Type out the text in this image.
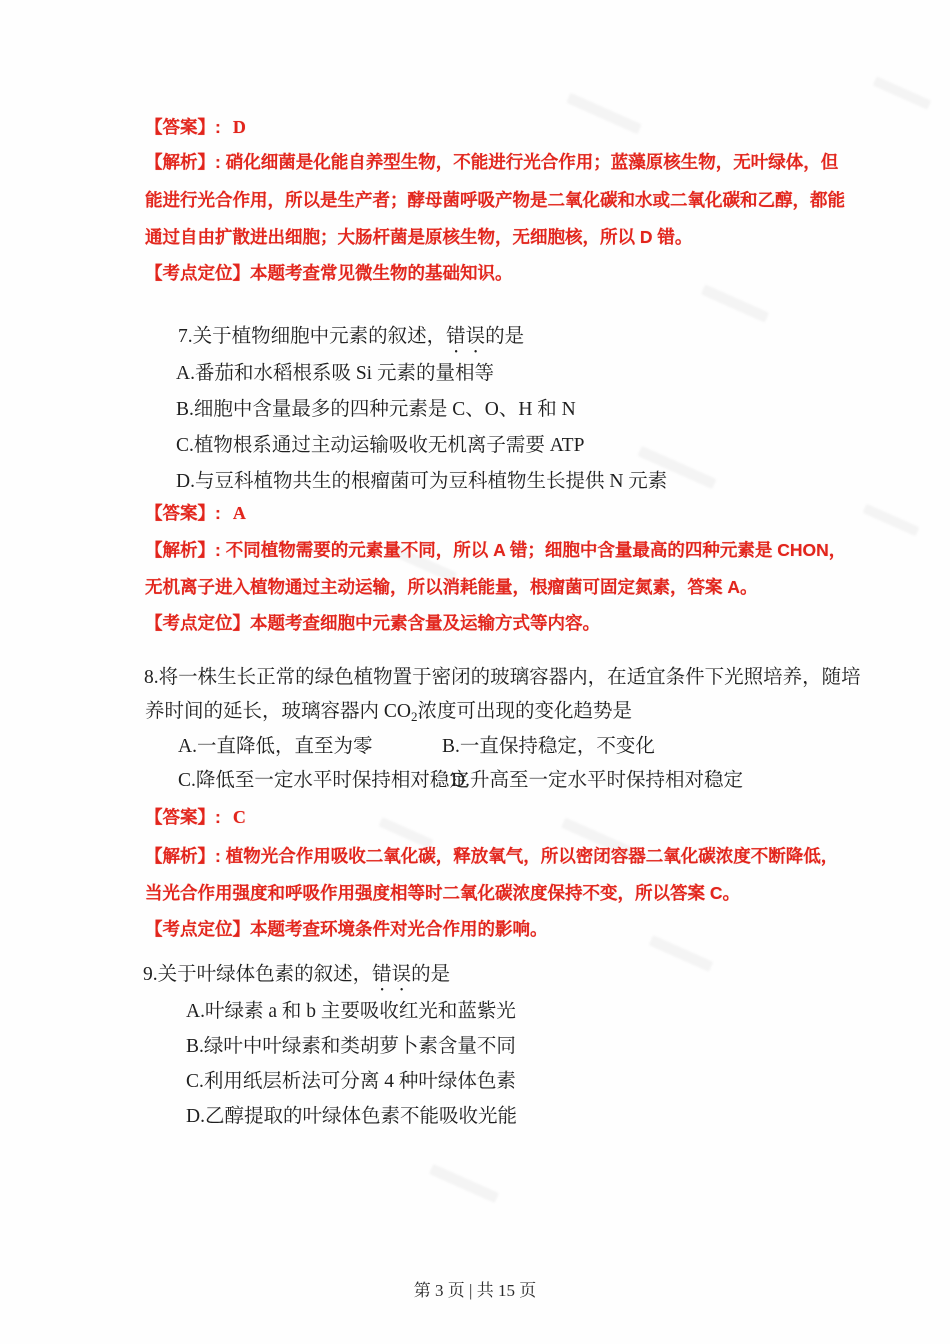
【答案】: D
【解析】: 硝化细菌是化能自养型生物，不能进行光合作用；蓝藻原核生物，无叶绿体，但
能进行光合作用，所以是生产者；酵母菌呼吸产物是二氧化碳和水或二氧化碳和乙醇，都能
通过自由扩散进出细胞；大肠杆菌是原核生物，无细胞核，所以 D 错。
【考点定位】本题考查常见微生物的基础知识。
7.关于植物细胞中元素的叙述，错误的是
A.番茄和水稻根系吸 Si 元素的量相等
B.细胞中含量最多的四种元素是 C、O、H 和 N
C.植物根系通过主动运输吸收无机离子需要 ATP
D.与豆科植物共生的根瘤菌可为豆科植物生长提供 N 元素
【答案】: A
【解析】: 不同植物需要的元素量不同，所以 A 错；细胞中含量最高的四种元素是 CHON，
无机离子进入植物通过主动运输，所以消耗能量，根瘤菌可固定氮素，答案 A。
【考点定位】本题考查细胞中元素含量及运输方式等内容。
8.将一株生长正常的绿色植物置于密闭的玻璃容器内，在适宜条件下光照培养，随培
养时间的延长，玻璃容器内 $CO_2$浓度可出现的变化趋势是
A.一直降低，直至为零	B.一直保持稳定，不变化
C.降低至一定水平时保持相对稳定
D.升高至一定水平时保持相对稳定
【答案】: C
【解析】: 植物光合作用吸收二氧化碳，释放氧气，所以密闭容器二氧化碳浓度不断降低，
当光合作用强度和呼吸作用强度相等时二氧化碳浓度保持不变，所以答案 C。
【考点定位】本题考查环境条件对光合作用的影响。
9.关于叶绿体色素的叙述，错误的是
A.叶绿素 a 和 b 主要吸收红光和蓝紫光
B.绿叶中叶绿素和类胡萝卜素含量不同
C.利用纸层析法可分离 4 种叶绿体色素
D.乙醇提取的叶绿体色素不能吸收光能
第 3 页 | 共 15 页
